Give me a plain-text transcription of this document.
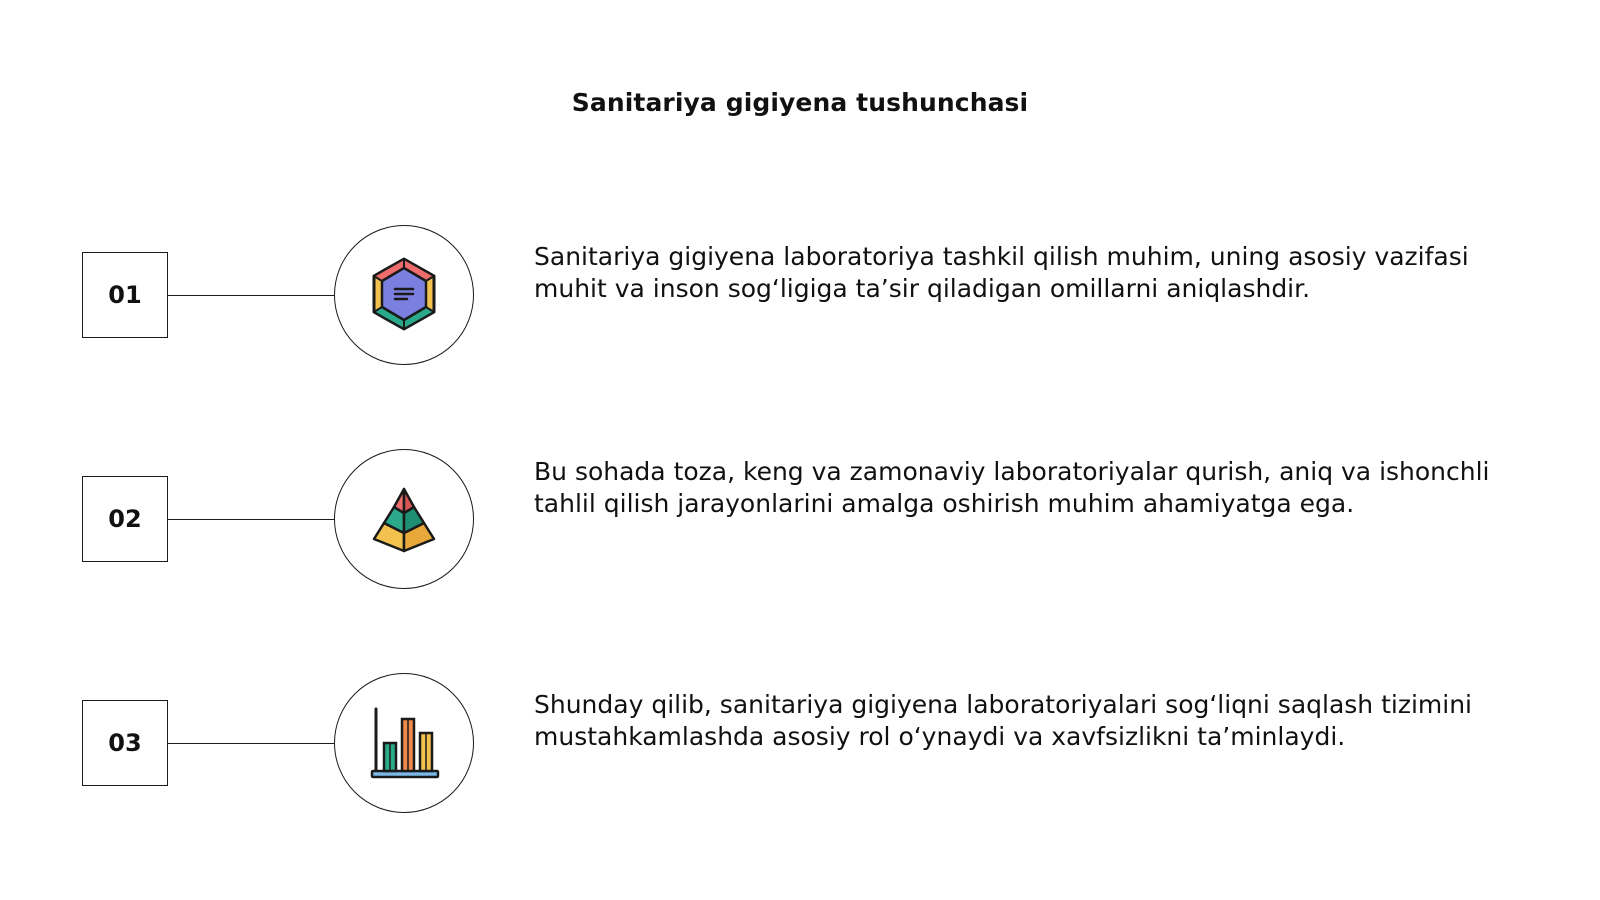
Sanitariya gigiyena tushunchasi
01
Sanitariya gigiyena laboratoriya tashkil qilish muhim, uning asosiy vazifasi muhit va inson sog‘ligiga ta’sir qiladigan omillarni aniqlashdir.
02
Bu sohada toza, keng va zamonaviy laboratoriyalar qurish, aniq va ishonchli tahlil qilish jarayonlarini amalga oshirish muhim ahamiyatga ega.
03
Shunday qilib, sanitariya gigiyena laboratoriyalari sog‘liqni saqlash tizimini mustahkamlashda asosiy rol o‘ynaydi va xavfsizlikni ta’minlaydi.
